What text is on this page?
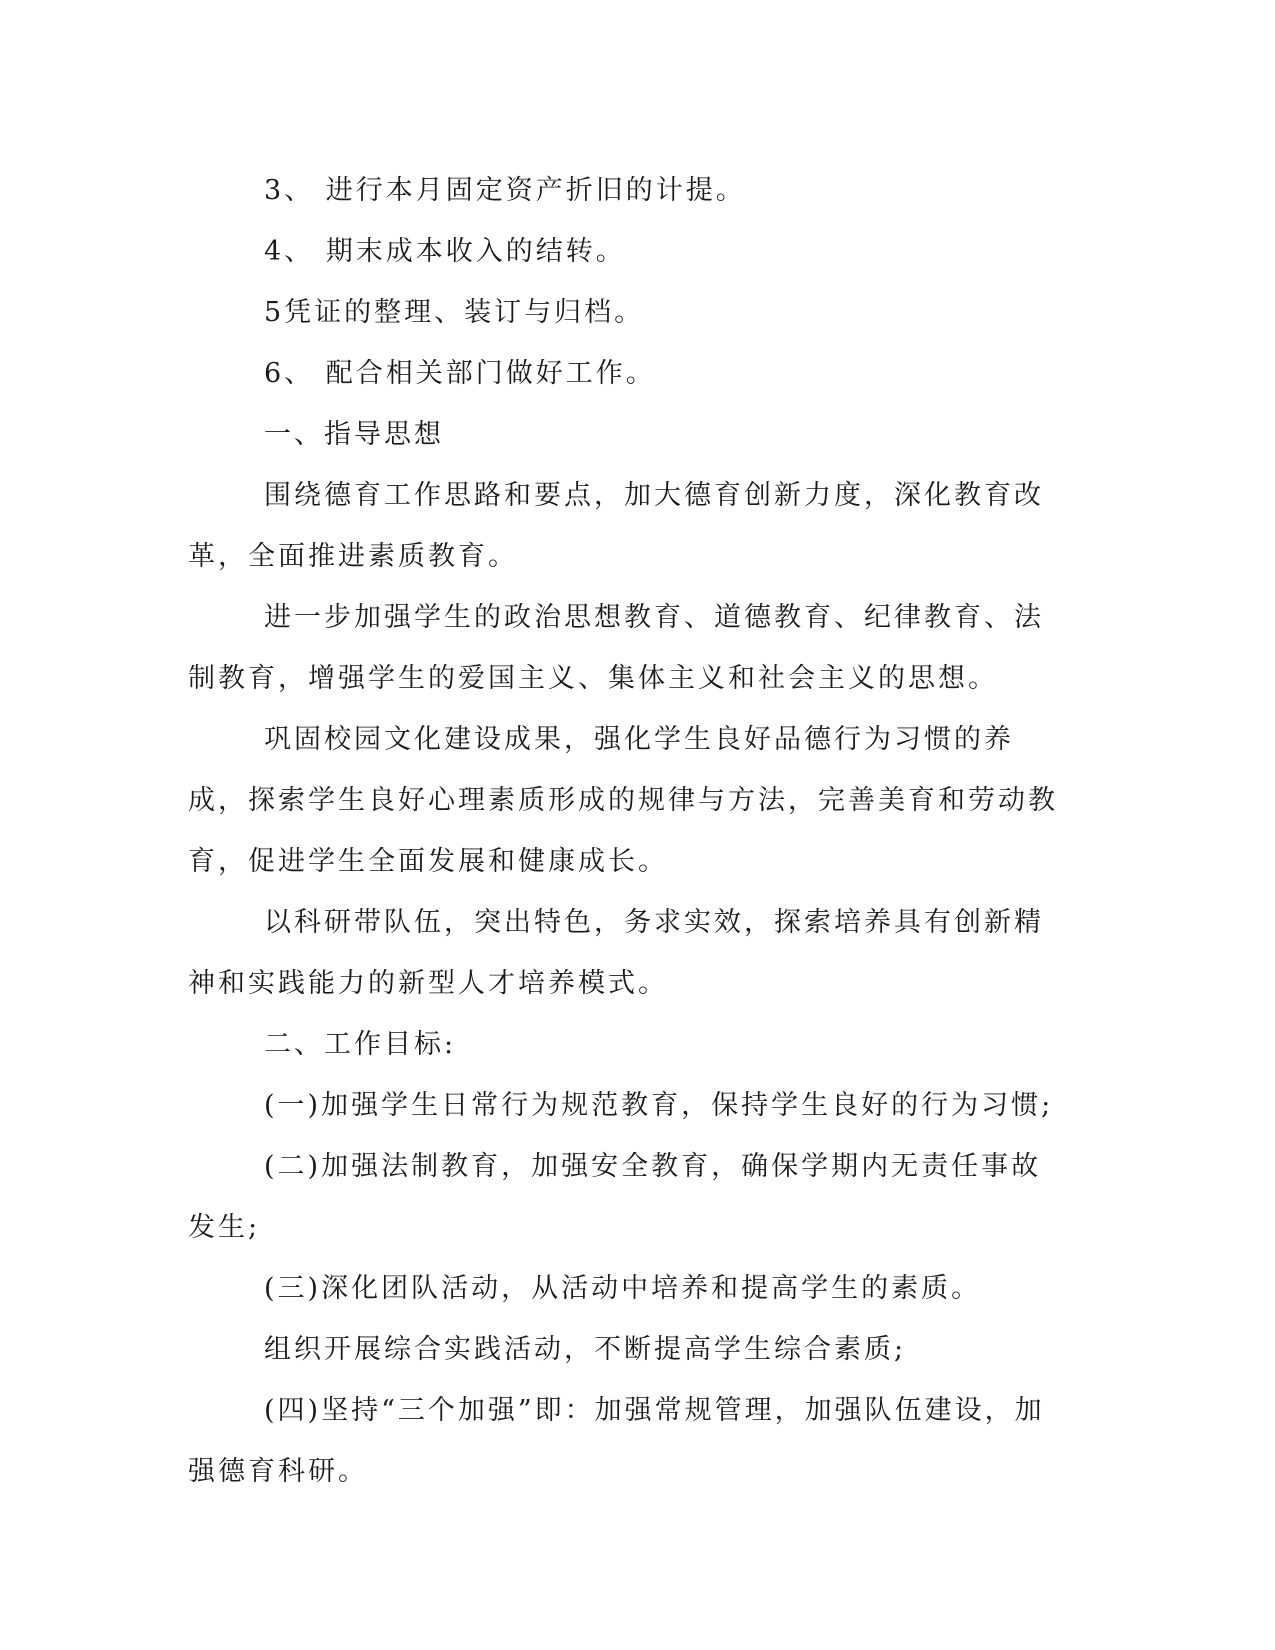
3、 进行本月固定资产折旧的计提。

4、 期末成本收入的结转。

5凭证的整理、装订与归档。

6、 配合相关部门做好工作。

一、指导思想

围绕德育工作思路和要点，加大德育创新力度，深化教育改革，全面推进素质教育。

进一步加强学生的政治思想教育、道德教育、纪律教育、法制教育，增强学生的爱国主义、集体主义和社会主义的思想。

巩固校园文化建设成果，强化学生良好品德行为习惯的养成，探索学生良好心理素质形成的规律与方法，完善美育和劳动教育，促进学生全面发展和健康成长。

以科研带队伍，突出特色，务求实效，探索培养具有创新精神和实践能力的新型人才培养模式。

二、工作目标:

(一)加强学生日常行为规范教育，保持学生良好的行为习惯;

(二)加强法制教育，加强安全教育，确保学期内无责任事故发生;

(三)深化团队活动，从活动中培养和提高学生的素质。

组织开展综合实践活动，不断提高学生综合素质;

(四)坚持“三个加强”即：加强常规管理，加强队伍建设，加强德育科研。
